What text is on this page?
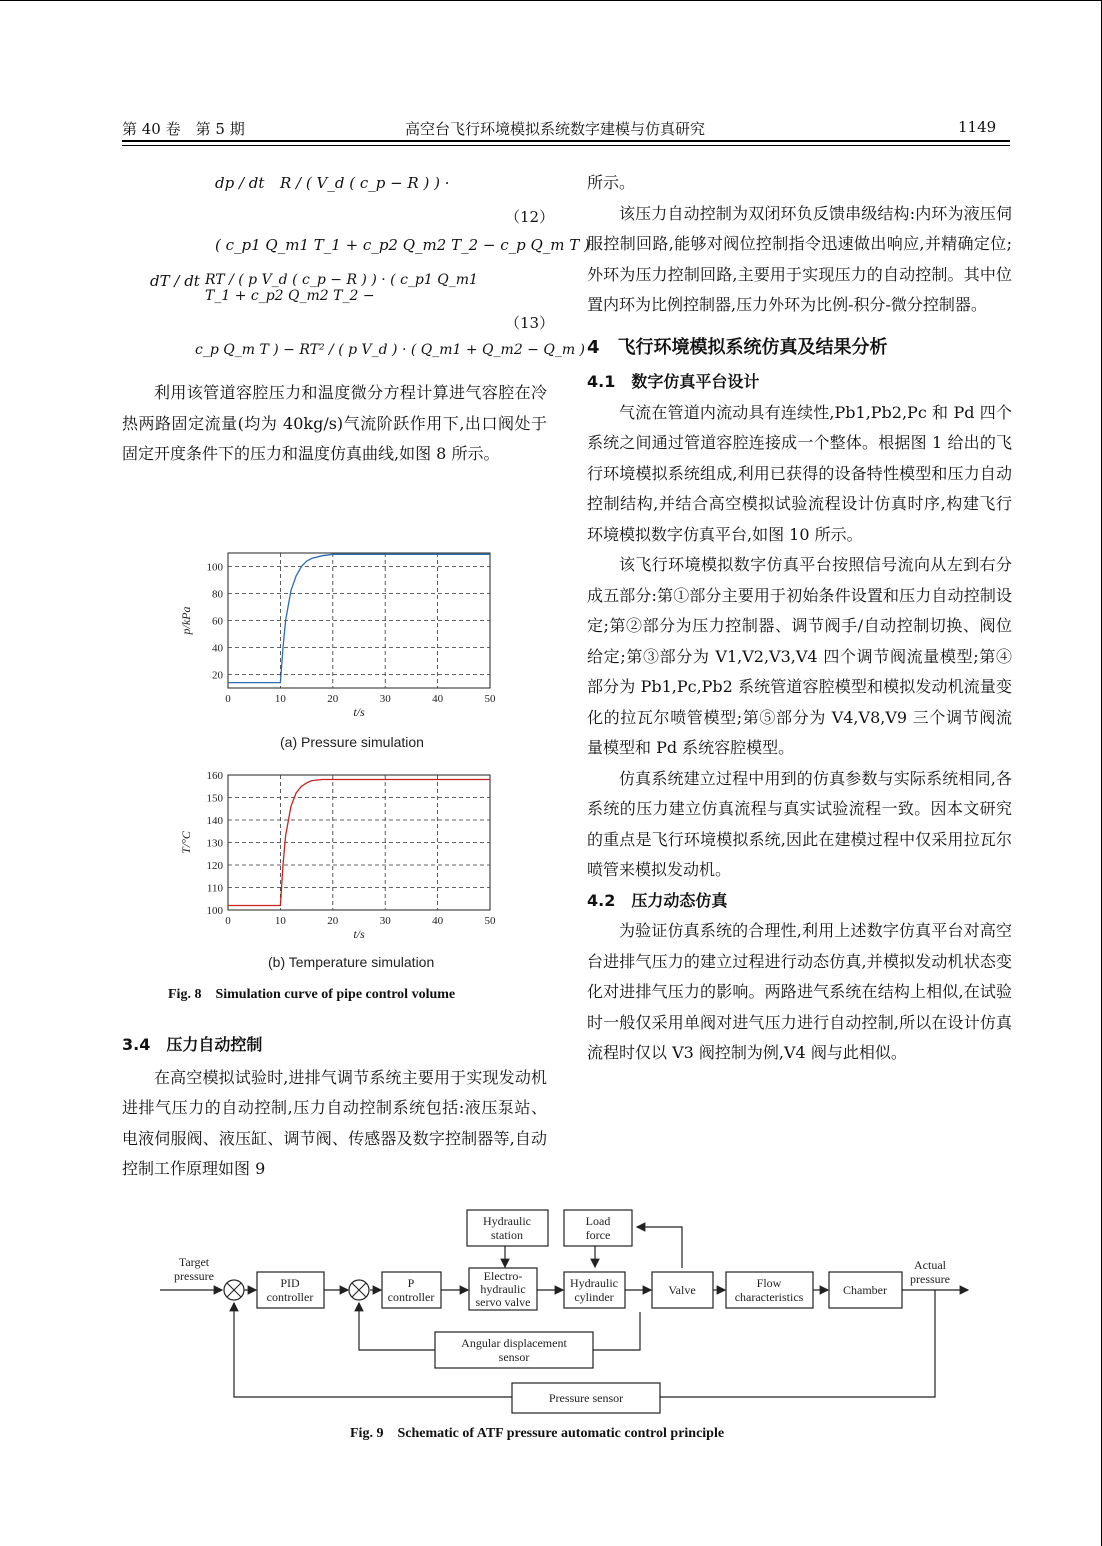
第 40 卷　第 5 期	高空台飞行环境模拟系统数字建模与仿真研究	1149
dp / dt R / ( V_d ( c_p − R ) ) ·
（12）
( c_p1 Q_m1 T_1 + c_p2 Q_m2 T_2 − c_p Q_m T )
dT / dt RT / ( p V_d ( c_p − R ) ) · ( c_p1 Q_m1 T_1 + c_p2 Q_m2 T_2 −
（13）
c_p Q_m T ) − RT² / ( p V_d ) · ( Q_m1 + Q_m2 − Q_m )

利用该管道容腔压力和温度微分方程计算进气容腔在冷热两路固定流量(均为 40kg/s)气流阶跃作用下,出口阀处于固定开度条件下的压力和温度仿真曲线,如图 8 所示。

3.4　压力自动控制

在高空模拟试验时,进排气调节系统主要用于实现发动机进排气压力的自动控制,压力自动控制系统包括:液压泵站、电液伺服阀、液压缸、调节阀、传感器及数字控制器等,自动控制工作原理如图 9

所示。

该压力自动控制为双闭环负反馈串级结构:内环为液压伺服控制回路,能够对阀位控制指令迅速做出响应,并精确定位;外环为压力控制回路,主要用于实现压力的自动控制。其中位置内环为比例控制器,压力外环为比例-积分-微分控制器。

4　飞行环境模拟系统仿真及结果分析

4.1　数字仿真平台设计

气流在管道内流动具有连续性,Pb1,Pb2,Pc 和 Pd 四个系统之间通过管道容腔连接成一个整体。根据图 1 给出的飞行环境模拟系统组成,利用已获得的设备特性模型和压力自动控制结构,并结合高空模拟试验流程设计仿真时序,构建飞行环境模拟数字仿真平台,如图 10 所示。

该飞行环境模拟数字仿真平台按照信号流向从左到右分成五部分:第①部分主要用于初始条件设置和压力自动控制设定;第②部分为压力控制器、调节阀手/自动控制切换、阀位给定;第③部分为 V1,V2,V3,V4 四个调节阀流量模型;第④部分为 Pb1,Pc,Pb2 系统管道容腔模型和模拟发动机流量变化的拉瓦尔喷管模型;第⑤部分为 V4,V8,V9 三个调节阀流量模型和 Pd 系统容腔模型。

仿真系统建立过程中用到的仿真参数与实际系统相同,各系统的压力建立仿真流程与真实试验流程一致。因本文研究的重点是飞行环境模拟系统,因此在建模过程中仅采用拉瓦尔喷管来模拟发动机。

4.2　压力动态仿真

为验证仿真系统的合理性,利用上述数字仿真平台对高空台进排气压力的建立过程进行动态仿真,并模拟发动机状态变化对进排气压力的影响。两路进气系统在结构上相似,在试验时一般仅采用单阀对进气压力进行自动控制,所以在设计仿真流程时仅以 V3 阀控制为例,V4 阀与此相似。

0	10	20	30	40	50
20
40
60
80
100
t/s
p/kPa
0	10	20	30	40	50
100
110
120
130
140
150
160
t/s
T/°C
(a) Pressure simulation
(b) Temperature simulation
Fig. 8　Simulation curve of pipe control volume
Target
pressure	PID
controller
P
controller
Electro-
hydraulic
servo valve
Hydraulic
station
Load
force
Hydraulic
cylinder	Valve	Flow
characteristics	Chamber
Actual
pressure
Angular displacement
sensor
Pressure sensor
Fig. 9　Schematic of ATF pressure automatic control principle
